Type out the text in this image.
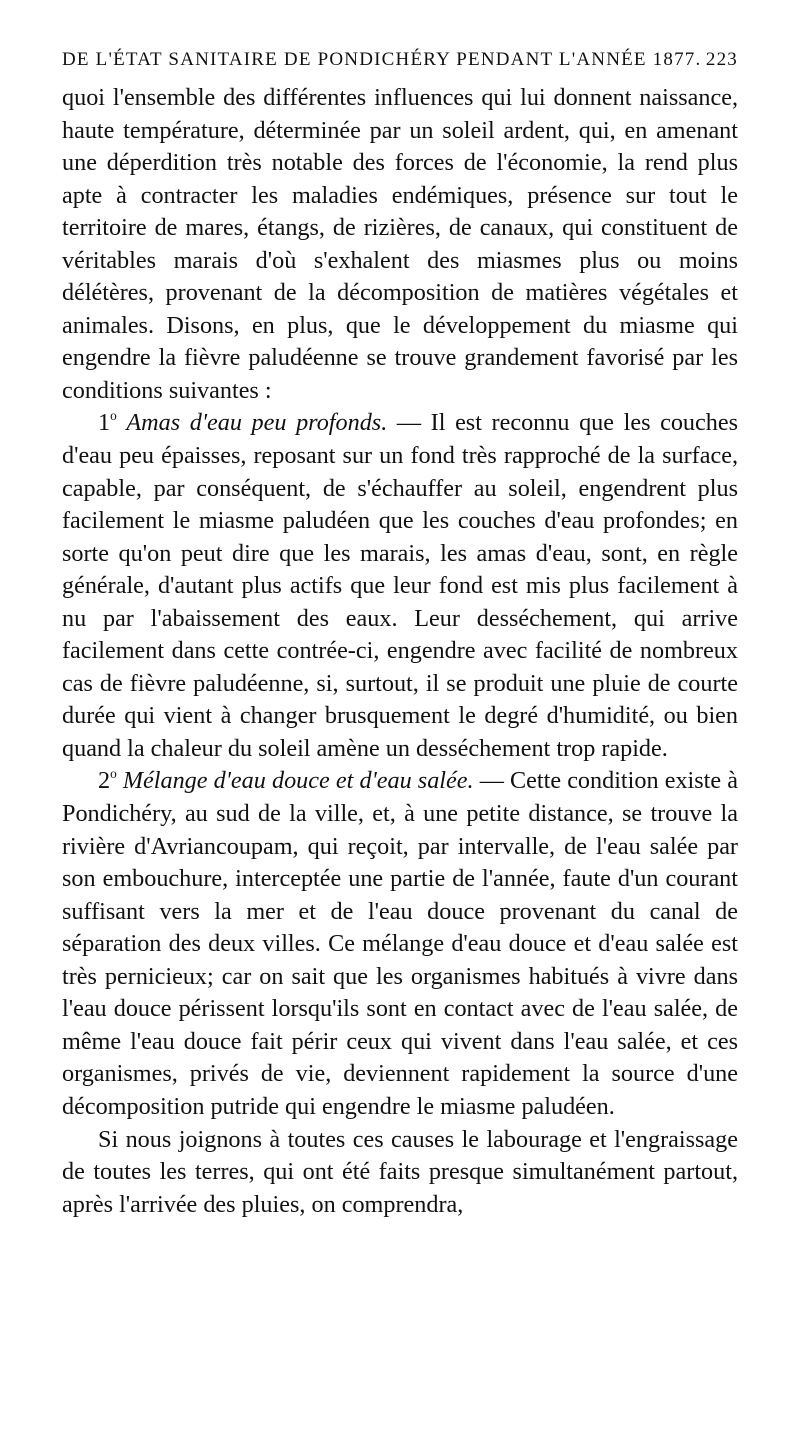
DE L'ÉTAT SANITAIRE DE PONDICHÉRY PENDANT L'ANNÉE 1877. 223

quoi l'ensemble des différentes influences qui lui donnent naissance, haute température, déterminée par un soleil ardent, qui, en amenant une déperdition très notable des forces de l'économie, la rend plus apte à contracter les maladies endémiques, présence sur tout le territoire de mares, étangs, de rizières, de canaux, qui constituent de véritables marais d'où s'exhalent des miasmes plus ou moins délétères, provenant de la décomposition de matières végétales et animales. Disons, en plus, que le développement du miasme qui engendre la fièvre paludéenne se trouve grandement favorisé par les conditions suivantes :

1$^o$ Amas d'eau peu profonds. — Il est reconnu que les couches d'eau peu épaisses, reposant sur un fond très rapproché de la surface, capable, par conséquent, de s'échauffer au soleil, engendrent plus facilement le miasme paludéen que les couches d'eau profondes; en sorte qu'on peut dire que les marais, les amas d'eau, sont, en règle générale, d'autant plus actifs que leur fond est mis plus facilement à nu par l'abaissement des eaux. Leur desséchement, qui arrive facilement dans cette contrée-ci, engendre avec facilité de nombreux cas de fièvre paludéenne, si, surtout, il se produit une pluie de courte durée qui vient à changer brusquement le degré d'humidité, ou bien quand la chaleur du soleil amène un desséchement trop rapide.

2$^o$ Mélange d'eau douce et d'eau salée. — Cette condition existe à Pondichéry, au sud de la ville, et, à une petite distance, se trouve la rivière d'Avriancoupam, qui reçoit, par intervalle, de l'eau salée par son embouchure, interceptée une partie de l'année, faute d'un courant suffisant vers la mer et de l'eau douce provenant du canal de séparation des deux villes. Ce mélange d'eau douce et d'eau salée est très pernicieux; car on sait que les organismes habitués à vivre dans l'eau douce périssent lorsqu'ils sont en contact avec de l'eau salée, de même l'eau douce fait périr ceux qui vivent dans l'eau salée, et ces organismes, privés de vie, deviennent rapidement la source d'une décomposition putride qui engendre le miasme paludéen.

Si nous joignons à toutes ces causes le labourage et l'engraissage de toutes les terres, qui ont été faits presque simultanément partout, après l'arrivée des pluies, on comprendra,
